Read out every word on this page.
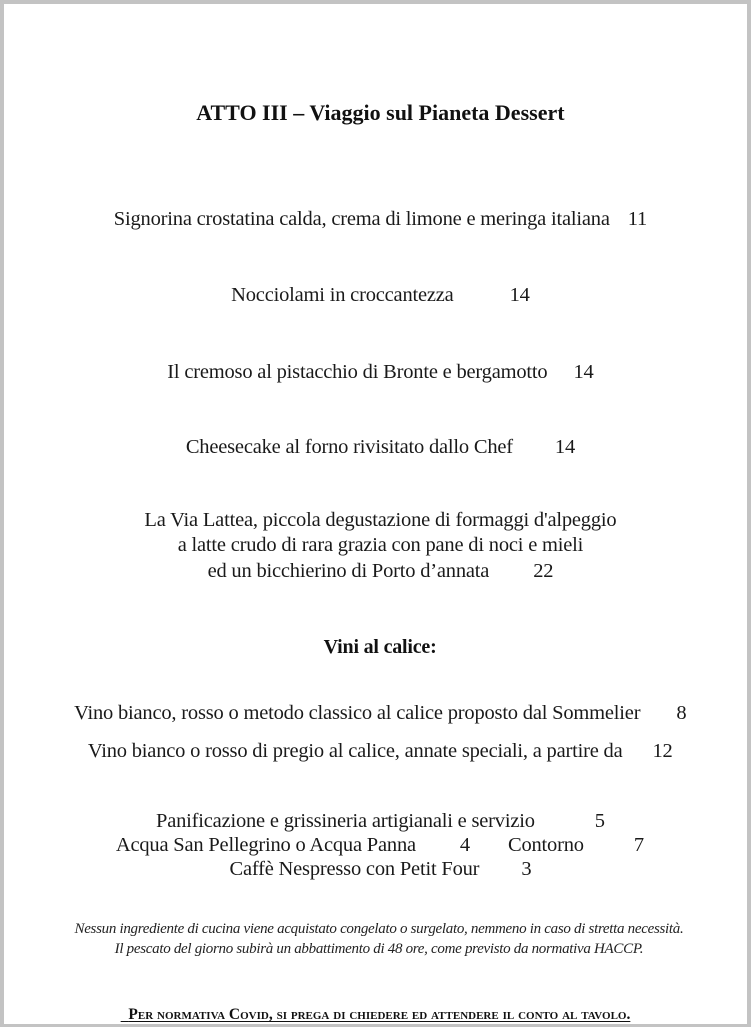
ATTO III – Viaggio sul Pianeta Dessert

Signorina crostatina calda, crema di limone e meringa italiana 11

Nocciolami in croccantezza	14

Il cremoso al pistacchio di Bronte e bergamotto 14

Cheesecake al forno rivisitato dallo Chef 14

La Via Lattea, piccola degustazione di formaggi d'alpeggio

a latte crudo di rara grazia con pane di noci e mieli

ed un bicchierino di Porto d’annata 22

Vini al calice:

Vino bianco, rosso o metodo classico al calice proposto dal Sommelier 8

Vino bianco o rosso di pregio al calice, annate speciali, a partire da 12

Panificazione e grissineria artigianali e servizio	5

Acqua San Pellegrino o Acqua Panna 4 Contorno 7

Caffè Nespresso con Petit Four 3

Nessun ingrediente di cucina viene acquistato congelato o surgelato, nemmeno in caso di stretta necessità.

Il pescato del giorno subirà un abbattimento di 48 ore, come previsto da normativa HACCP.

Per normativa Covid, si prega di chiedere ed attendere il conto al tavolo.
